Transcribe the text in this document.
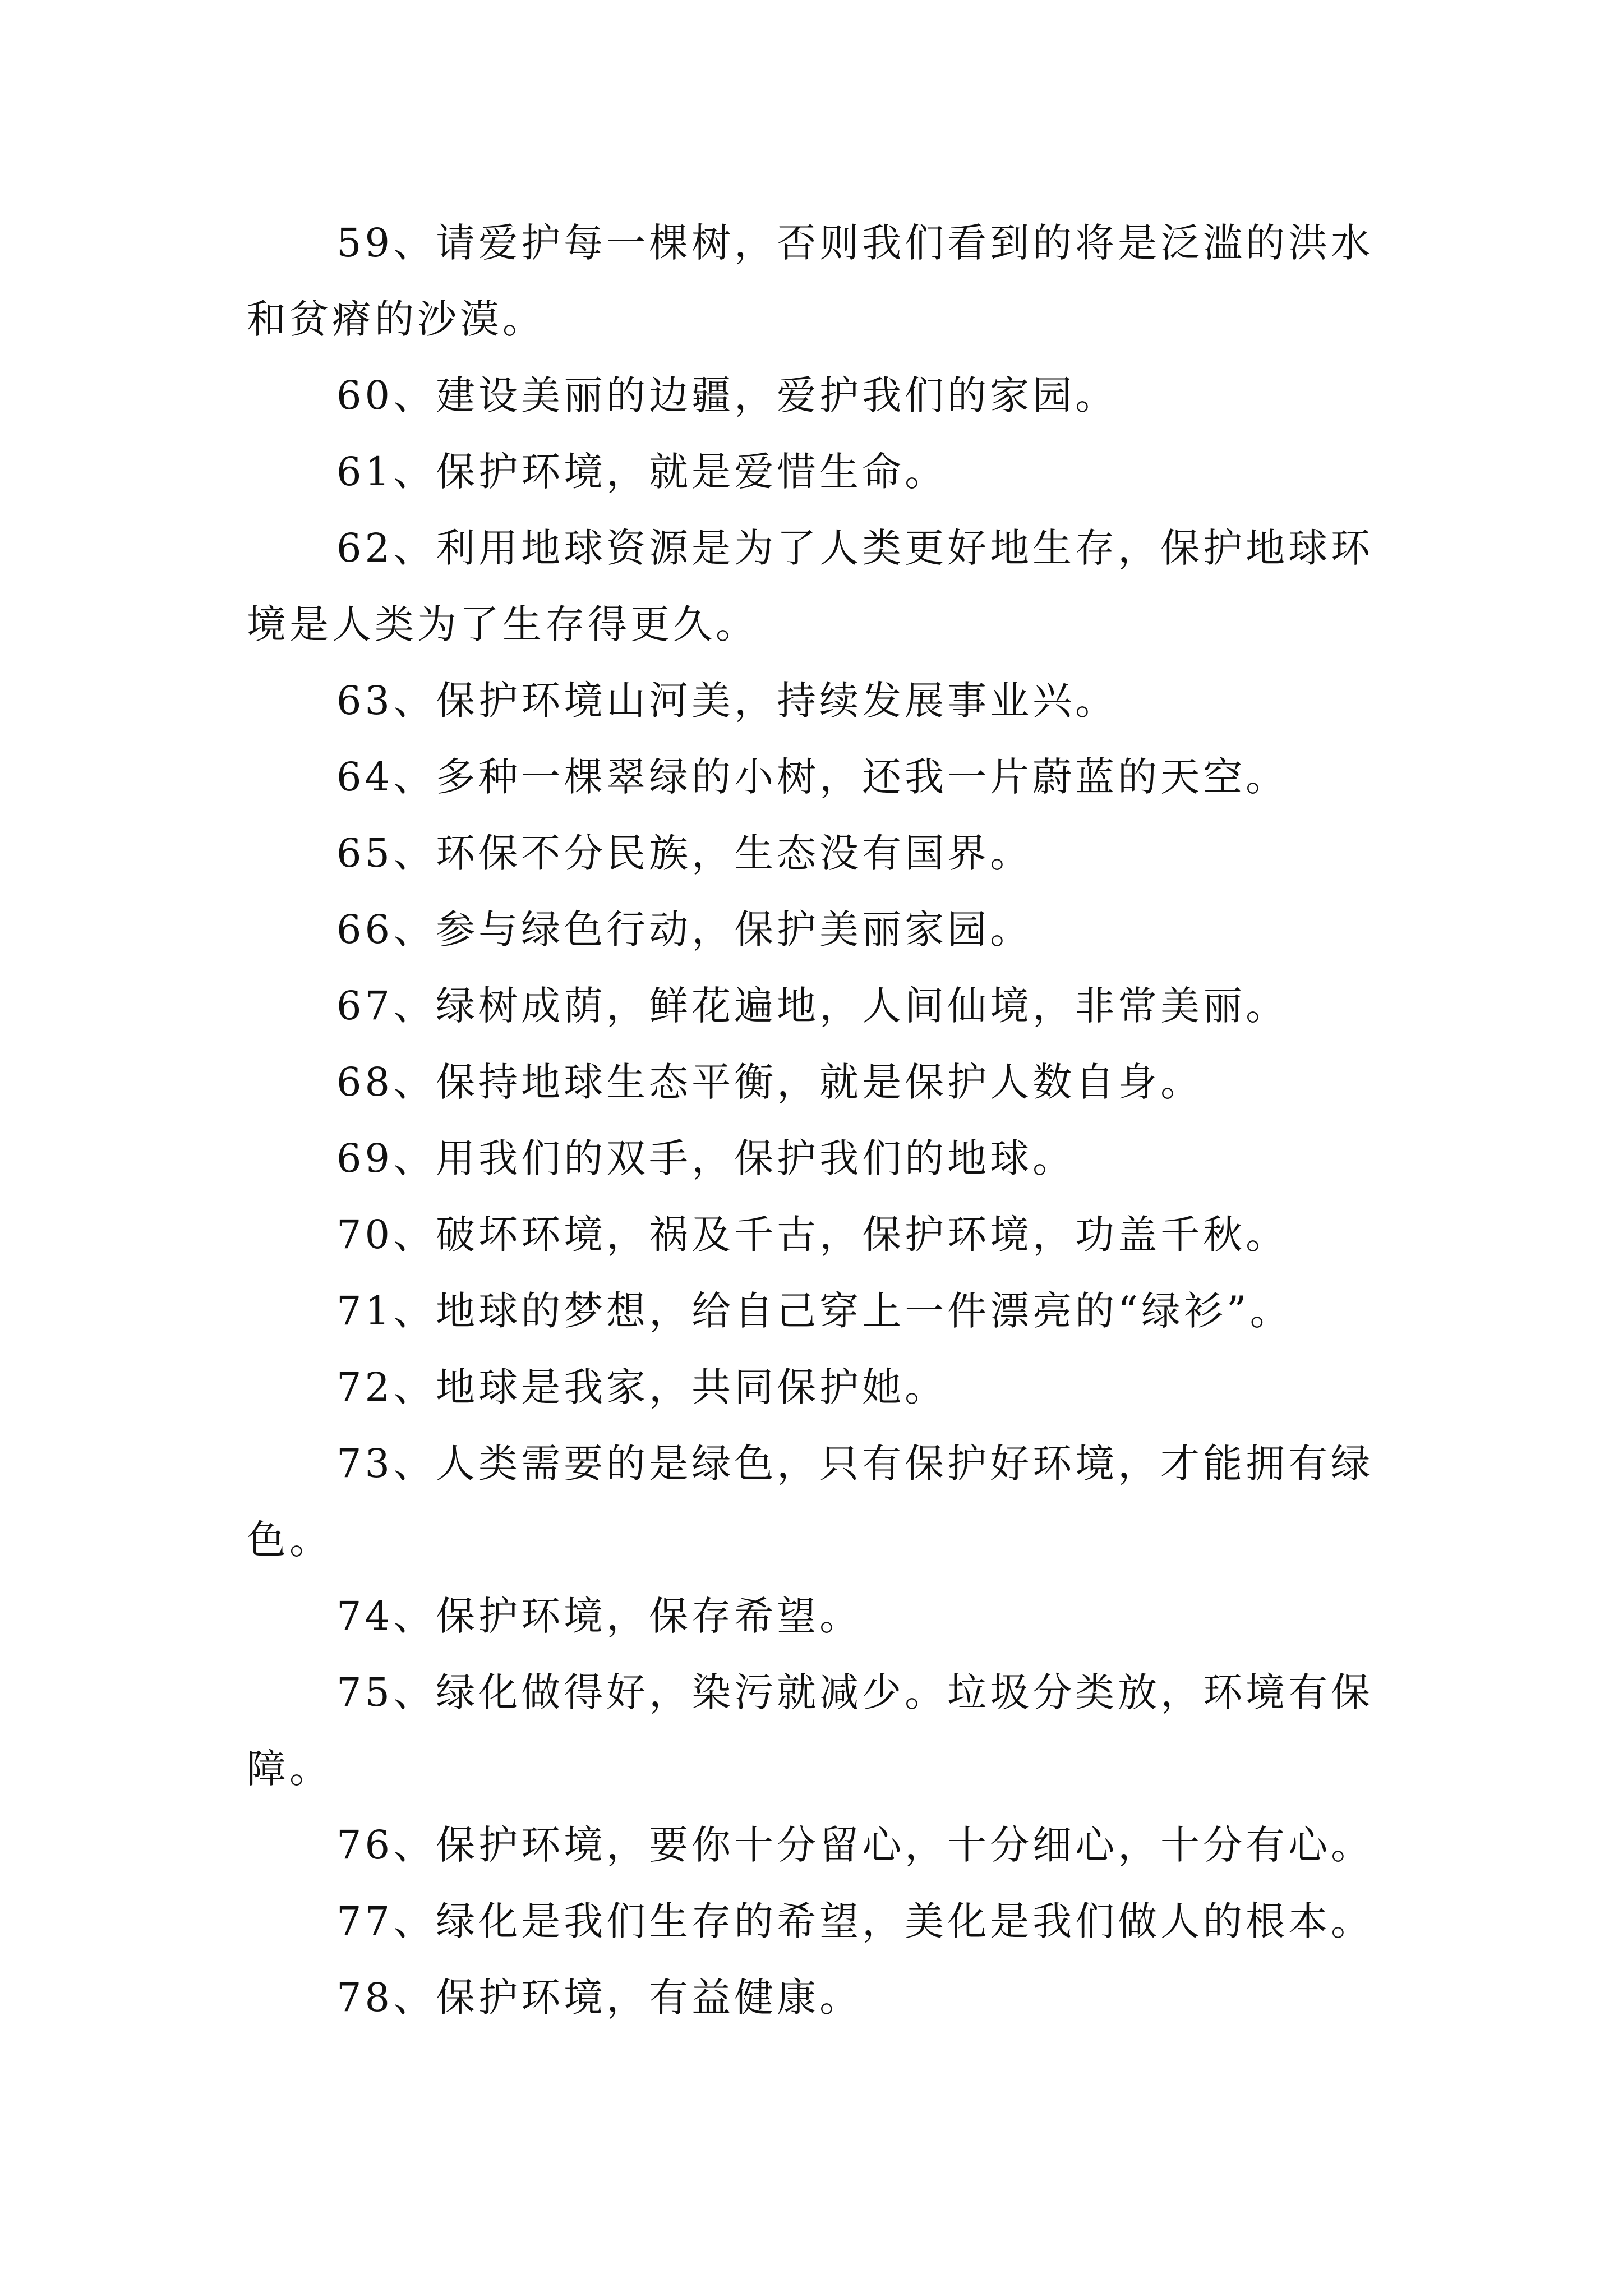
59、请爱护每一棵树，否则我们看到的将是泛滥的洪水和贫瘠的沙漠。

60、建设美丽的边疆，爱护我们的家园。

61、保护环境，就是爱惜生命。

62、利用地球资源是为了人类更好地生存，保护地球环境是人类为了生存得更久。

63、保护环境山河美，持续发展事业兴。

64、多种一棵翠绿的小树，还我一片蔚蓝的天空。

65、环保不分民族，生态没有国界。

66、参与绿色行动，保护美丽家园。

67、绿树成荫，鲜花遍地，人间仙境，非常美丽。

68、保持地球生态平衡，就是保护人数自身。

69、用我们的双手，保护我们的地球。

70、破坏环境，祸及千古，保护环境，功盖千秋。

71、地球的梦想，给自己穿上一件漂亮的“绿衫”。

72、地球是我家，共同保护她。

73、人类需要的是绿色，只有保护好环境，才能拥有绿色。

74、保护环境，保存希望。

75、绿化做得好，染污就减少。垃圾分类放，环境有保障。

76、保护环境，要你十分留心，十分细心，十分有心。

77、绿化是我们生存的希望，美化是我们做人的根本。

78、保护环境，有益健康。
